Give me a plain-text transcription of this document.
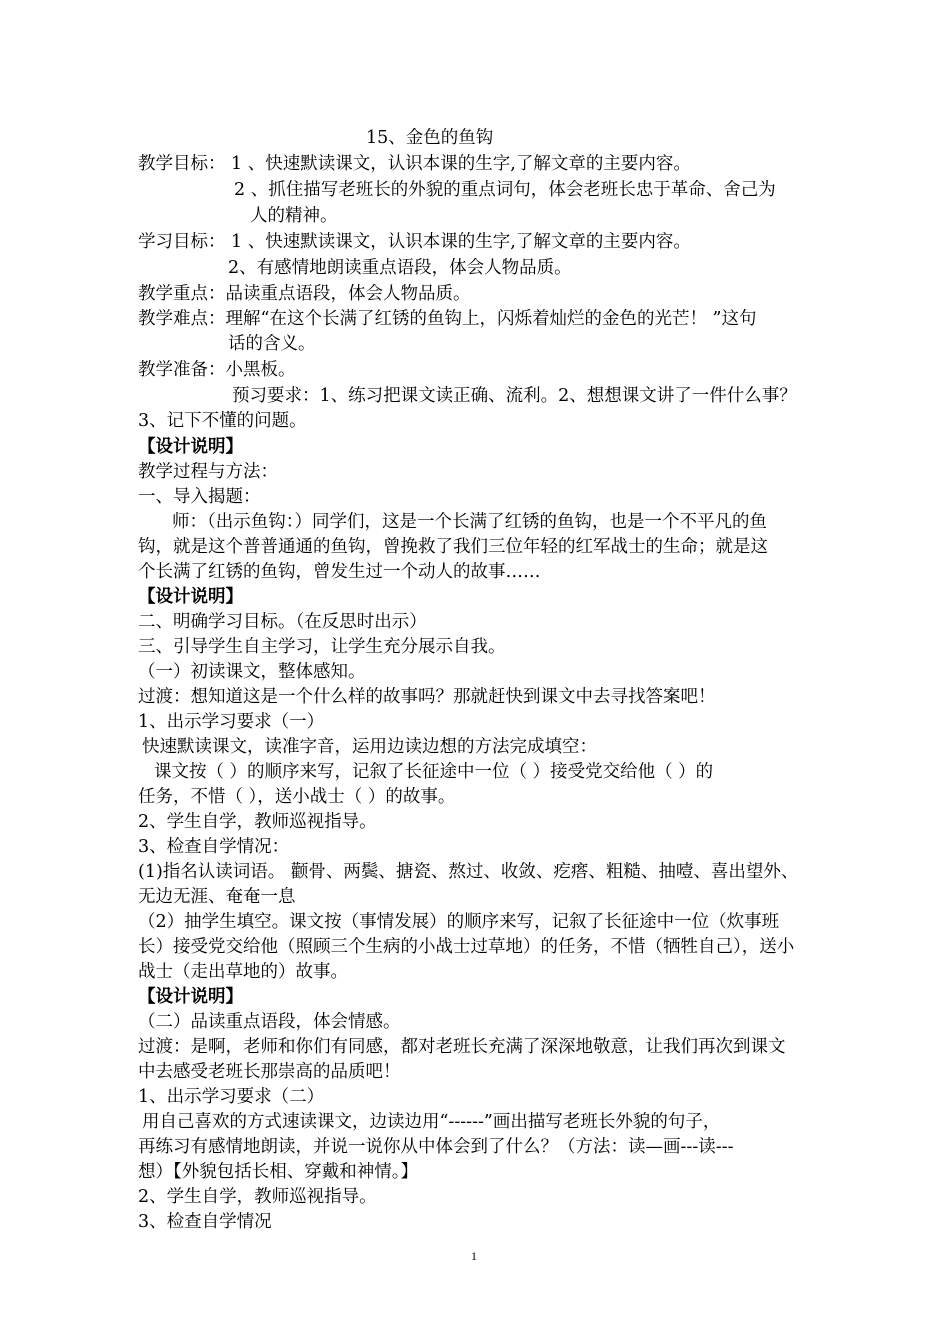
15、金色的鱼钩
教学目标： 1 、快速默读课文，认识本课的生字,了解文章的主要内容。
2 、抓住描写老班长的外貌的重点词句，体会老班长忠于革命、舍己为
人的精神。
学习目标： 1 、快速默读课文，认识本课的生字,了解文章的主要内容。
2、有感情地朗读重点语段，体会人物品质。
教学重点：品读重点语段，体会人物品质。
教学难点：理解“在这个长满了红锈的鱼钩上，闪烁着灿烂的金色的光芒！ ”这句
话的含义。
教学准备：小黑板。
预习要求：1、练习把课文读正确、流利。2、想想课文讲了一件什么事？
3、记下不懂的问题。
【设计说明】
教学过程与方法：
一、导入揭题：
师：（出示鱼钩：）同学们，这是一个长满了红锈的鱼钩，也是一个不平凡的鱼
钩，就是这个普普通通的鱼钩，曾挽救了我们三位年轻的红军战士的生命；就是这
个长满了红锈的鱼钩，曾发生过一个动人的故事……
【设计说明】
二、明确学习目标。（在反思时出示）
三、引导学生自主学习，让学生充分展示自我。
（一）初读课文，整体感知。
过渡：想知道这是一个什么样的故事吗？那就赶快到课文中去寻找答案吧！
1、出示学习要求（一）
快速默读课文，读准字音，运用边读边想的方法完成填空：
课文按（ ）的顺序来写，记叙了长征途中一位（ ）接受党交给他（ ）的
任务，不惜（ ），送小战士（ ）的故事。
2、学生自学，教师巡视指导。
3、检查自学情况：
(1)指名认读词语。 颧骨、两鬓、搪瓷、熬过、收敛、疙瘩、粗糙、抽噎、喜出望外、
无边无涯、奄奄一息
（2）抽学生填空。课文按（事情发展）的顺序来写，记叙了长征途中一位（炊事班
长）接受党交给他（照顾三个生病的小战士过草地）的任务，不惜（牺牲自己），送小
战士（走出草地的）故事。
【设计说明】
（二）品读重点语段，体会情感。
过渡：是啊，老师和你们有同感，都对老班长充满了深深地敬意，让我们再次到课文
中去感受老班长那崇高的品质吧！
1、出示学习要求（二）
用自己喜欢的方式速读课文，边读边用“------”画出描写老班长外貌的句子，
再练习有感情地朗读，并说一说你从中体会到了什么？（方法：读—画---读---
想）【外貌包括长相、穿戴和神情。】
2、学生自学，教师巡视指导。
3、检查自学情况
1
